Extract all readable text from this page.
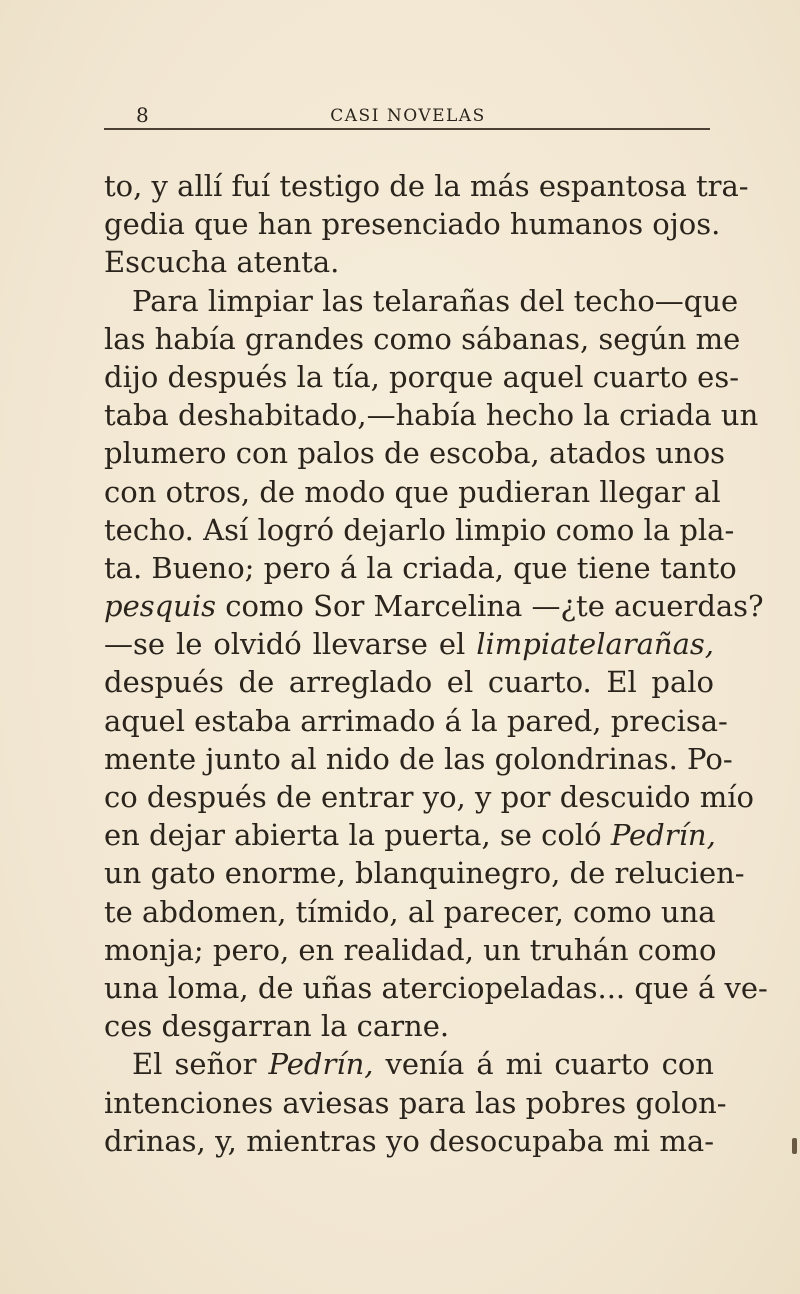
8	CASI NOVELAS
to, y allí fuí testigo de la más espantosa tra-
gedia que han presenciado humanos ojos.
Escucha atenta.
Para limpiar las telarañas del techo—que
las había grandes como sábanas, según me
dijo después la tía, porque aquel cuarto es-
taba deshabitado,—había hecho la criada un
plumero con palos de escoba, atados unos
con otros, de modo que pudieran llegar al
techo. Así logró dejarlo limpio como la pla-
ta. Bueno; pero á la criada, que tiene tanto
pesquis como Sor Marcelina —¿te acuerdas?
—se le olvidó llevarse el limpiatelarañas,
después de arreglado el cuarto. El palo
aquel estaba arrimado á la pared, precisa-
mente junto al nido de las golondrinas. Po-
co después de entrar yo, y por descuido mío
en dejar abierta la puerta, se coló Pedrín,
un gato enorme, blanquinegro, de relucien-
te abdomen, tímido, al parecer, como una
monja; pero, en realidad, un truhán como
una loma, de uñas aterciopeladas... que á ve-
ces desgarran la carne.
El señor Pedrín, venía á mi cuarto con
intenciones aviesas para las pobres golon-
drinas, y, mientras yo desocupaba mi ma-
